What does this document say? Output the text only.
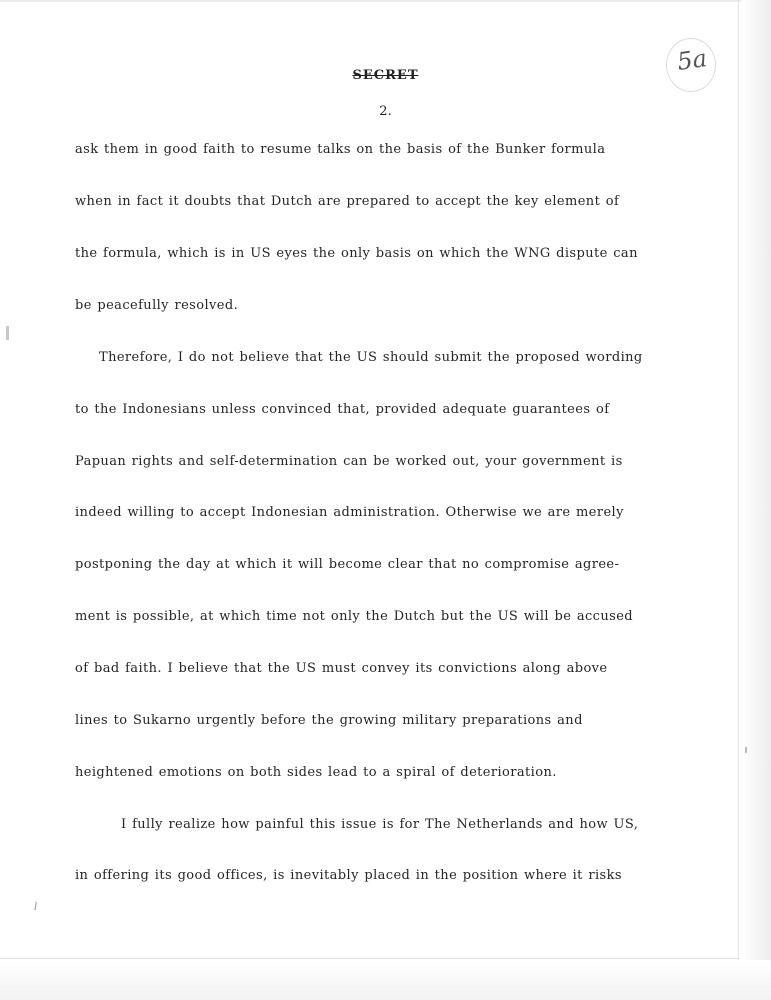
SECRET
2.
5a
ask them in good faith to resume talks on the basis of the Bunker formula
when in fact it doubts that Dutch are prepared to accept the key element of
the formula, which is in US eyes the only basis on which the WNG dispute can
be peacefully resolved.
Therefore, I do not believe that the US should submit the proposed wording
to the Indonesians unless convinced that, provided adequate guarantees of
Papuan rights and self-determination can be worked out, your government is
indeed willing to accept Indonesian administration. Otherwise we are merely
postponing the day at which it will become clear that no compromise agree-
ment is possible, at which time not only the Dutch but the US will be accused
of bad faith. I believe that the US must convey its convictions along above
lines to Sukarno urgently before the growing military preparations and
heightened emotions on both sides lead to a spiral of deterioration.
I fully realize how painful this issue is for The Netherlands and how US,
in offering its good offices, is inevitably placed in the position where it risks
l
